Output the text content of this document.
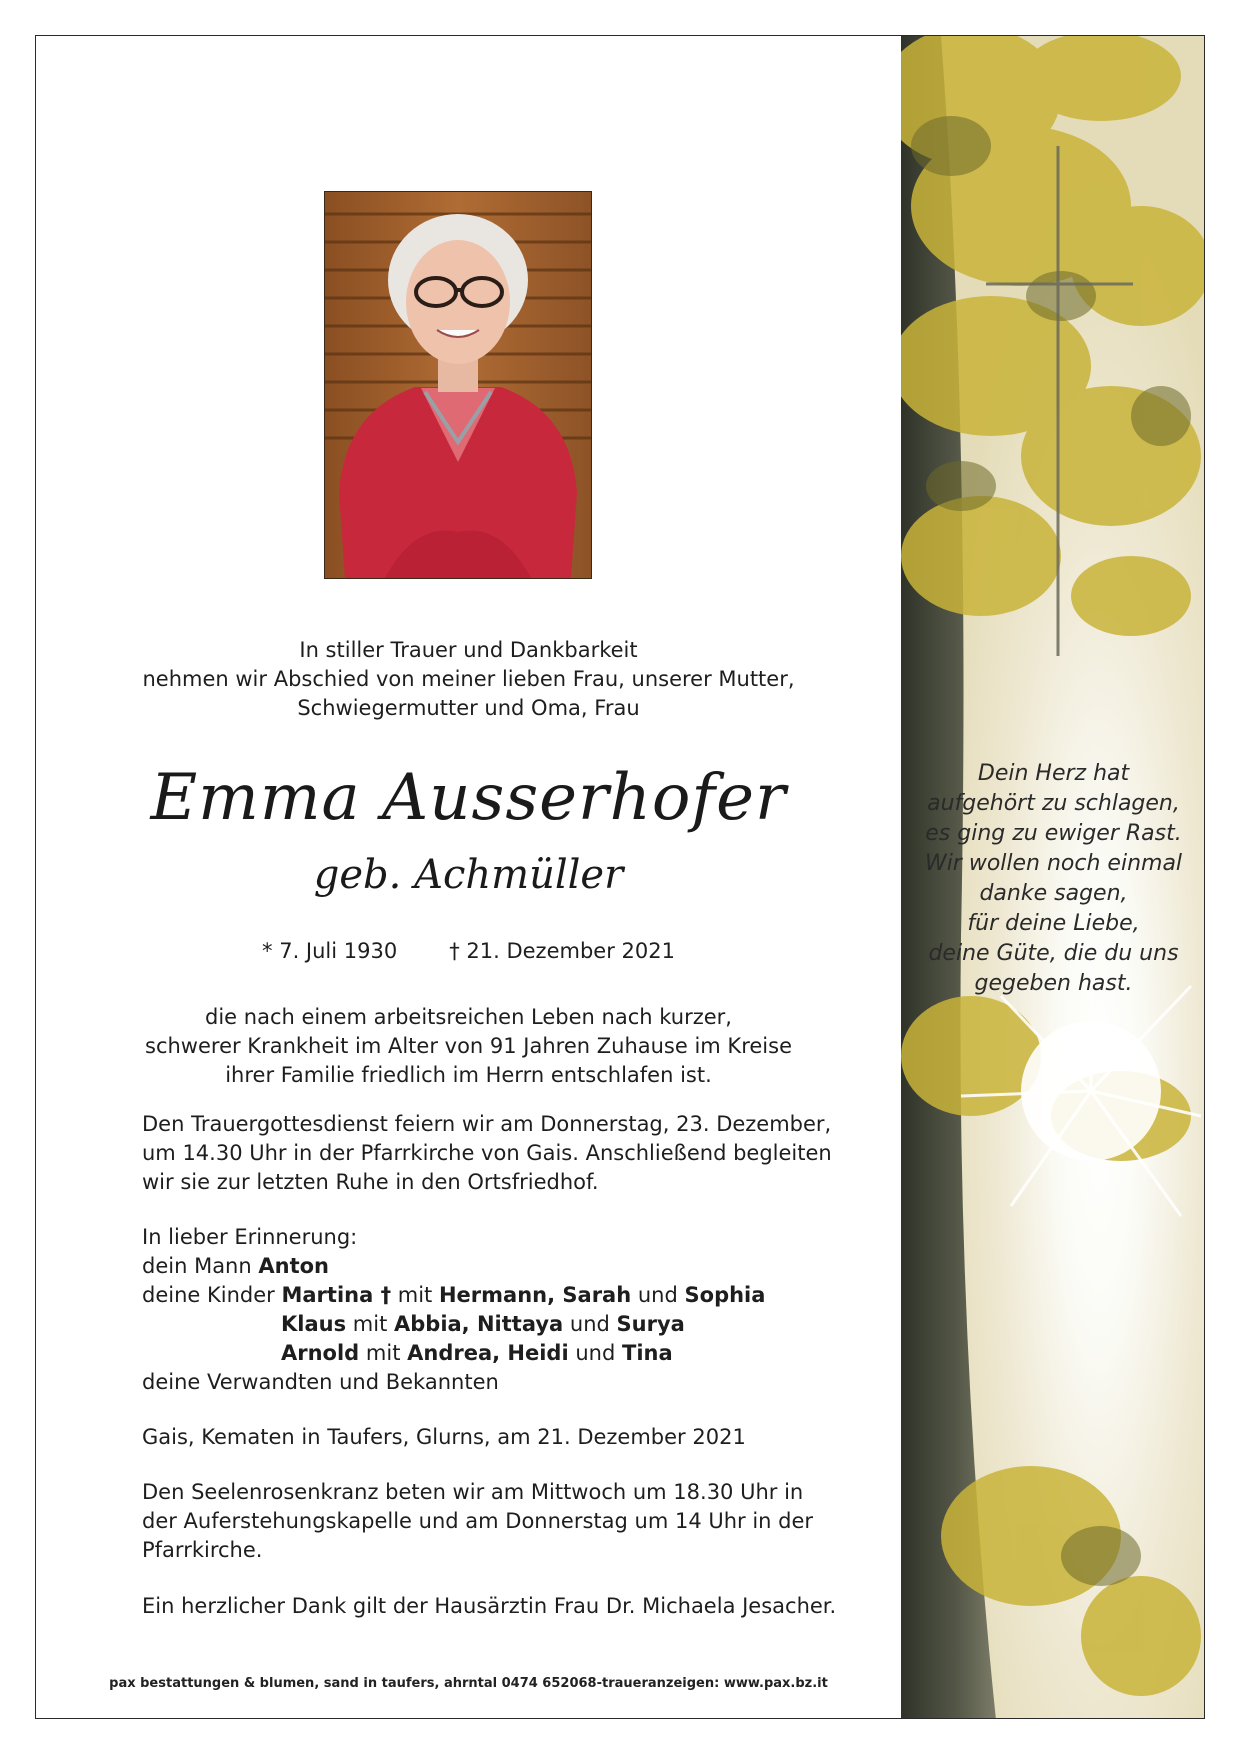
In stiller Trauer und Dankbarkeit
nehmen wir Abschied von meiner lieben Frau, unserer Mutter,
Schwiegermutter und Oma, Frau
Emma Ausserhofer
geb. Achmüller
* 7. Juli 1930 † 21. Dezember 2021
die nach einem arbeitsreichen Leben nach kurzer,
schwerer Krankheit im Alter von 91 Jahren Zuhause im Kreise
ihrer Familie friedlich im Herrn entschlafen ist.
Den Trauergottesdienst feiern wir am Donnerstag, 23. Dezember,
um 14.30 Uhr in der Pfarrkirche von Gais. Anschließend begleiten
wir sie zur letzten Ruhe in den Ortsfriedhof.
In lieber Erinnerung:
dein Mann Anton
deine Kinder Martina † mit Hermann, Sarah und Sophia
Klaus mit Abbia, Nittaya und Surya
Arnold mit Andrea, Heidi und Tina
deine Verwandten und Bekannten
Gais, Kematen in Taufers, Glurns, am 21. Dezember 2021
Den Seelenrosenkranz beten wir am Mittwoch um 18.30 Uhr in
der Auferstehungskapelle und am Donnerstag um 14 Uhr in der
Pfarrkirche.
Ein herzlicher Dank gilt der Hausärztin Frau Dr. Michaela Jesacher.
pax bestattungen & blumen, sand in taufers, ahrntal 0474 652068-traueranzeigen: www.pax.bz.it
Dein Herz hat
aufgehört zu schlagen,
es ging zu ewiger Rast.
Wir wollen noch einmal
danke sagen,
für deine Liebe,
deine Güte, die du uns
gegeben hast.
